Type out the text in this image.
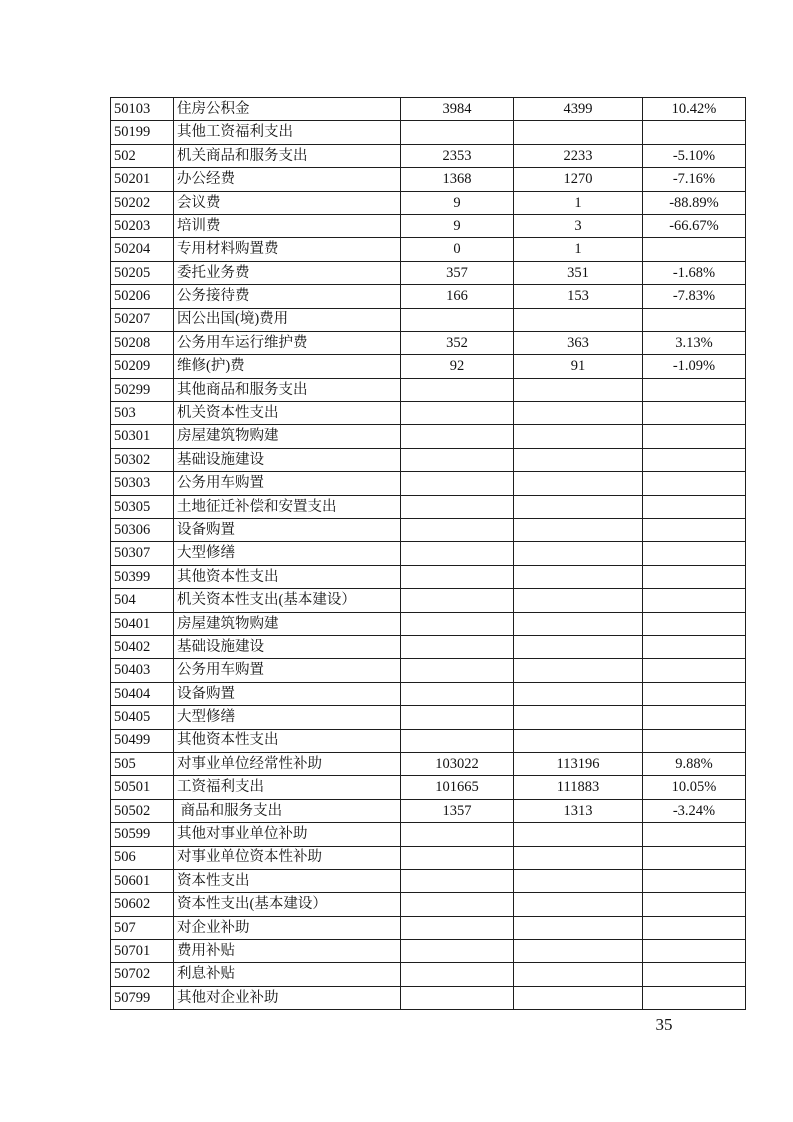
50103	住房公积金	3984	4399	10.42%
50199	其他工资福利支出			
502	机关商品和服务支出	2353	2233	-5.10%
50201	办公经费	1368	1270	-7.16%
50202	会议费	9	1	-88.89%
50203	培训费	9	3	-66.67%
50204	专用材料购置费	0	1	
50205	委托业务费	357	351	-1.68%
50206	公务接待费	166	153	-7.83%
50207	因公出国(境)费用			
50208	公务用车运行维护费	352	363	3.13%
50209	维修(护)费	92	91	-1.09%
50299	其他商品和服务支出			
503	机关资本性支出			
50301	房屋建筑物购建			
50302	基础设施建设			
50303	公务用车购置			
50305	土地征迁补偿和安置支出			
50306	设备购置			
50307	大型修缮			
50399	其他资本性支出			
504	机关资本性支出(基本建设）			
50401	房屋建筑物购建			
50402	基础设施建设			
50403	公务用车购置			
50404	设备购置			
50405	大型修缮			
50499	其他资本性支出			
505	对事业单位经常性补助	103022	113196	9.88%
50501	工资福利支出	101665	111883	10.05%
50502	商品和服务支出	1357	1313	-3.24%
50599	其他对事业单位补助			
506	对事业单位资本性补助			
50601	资本性支出			
50602	资本性支出(基本建设）			
507	对企业补助			
50701	费用补贴			
50702	利息补贴			
50799	其他对企业补助			
35
